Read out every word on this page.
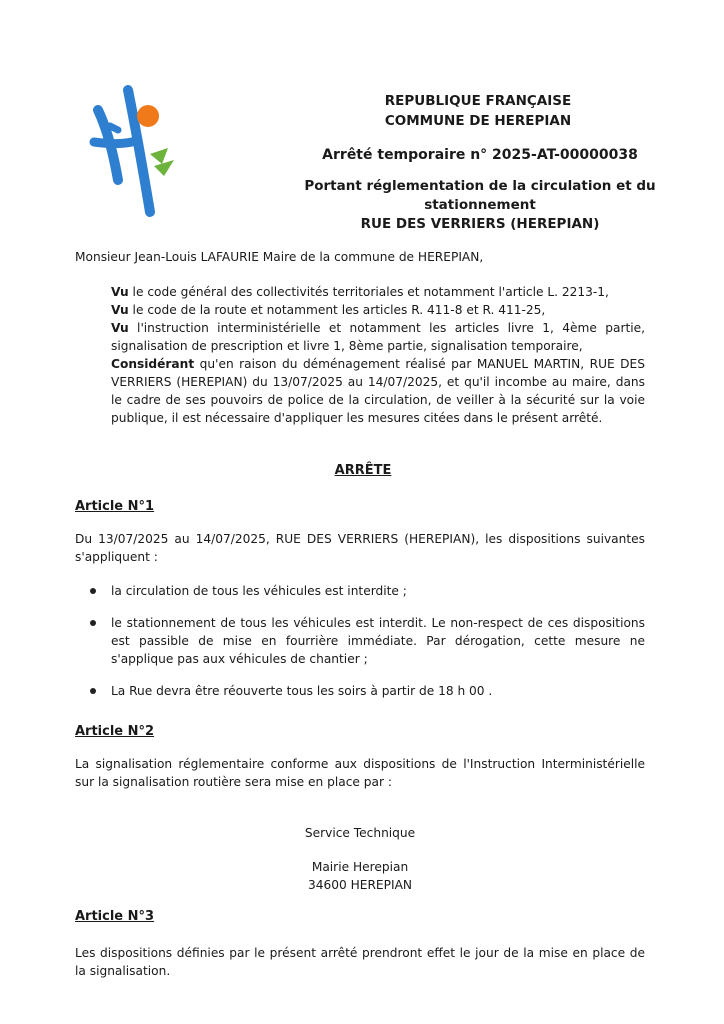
REPUBLIQUE FRANÇAISE
COMMUNE DE HEREPIAN
Arrêté temporaire n° 2025-AT-00000038
Portant réglementation de la circulation et du
stationnement
RUE DES VERRIERS (HEREPIAN)
Monsieur Jean-Louis LAFAURIE Maire de la commune de HEREPIAN,
Vu le code général des collectivités territoriales et notamment l'article L. 2213-1,
Vu le code de la route et notamment les articles R. 411-8 et R. 411-25,
Vu l'instruction interministérielle et notamment les articles livre 1, 4ème partie, signalisation de prescription et livre 1, 8ème partie, signalisation temporaire,
Considérant qu'en raison du déménagement réalisé par MANUEL MARTIN, RUE DES VERRIERS (HEREPIAN) du 13/07/2025 au 14/07/2025, et qu'il incombe au maire, dans le cadre de ses pouvoirs de police de la circulation, de veiller à la sécurité sur la voie publique, il est nécessaire d'appliquer les mesures citées dans le présent arrêté.
ARRÊTE
Article N°1
Du 13/07/2025 au 14/07/2025, RUE DES VERRIERS (HEREPIAN), les dispositions suivantes s'appliquent :
la circulation de tous les véhicules est interdite ;
le stationnement de tous les véhicules est interdit. Le non-respect de ces dispositions est passible de mise en fourrière immédiate. Par dérogation, cette mesure ne s'applique pas aux véhicules de chantier ;
La Rue devra être réouverte tous les soirs à partir de 18 h 00 .
Article N°2
La signalisation réglementaire conforme aux dispositions de l'Instruction Interministérielle sur la signalisation routière sera mise en place par :
Service Technique
Mairie Herepian
34600 HEREPIAN
Article N°3
Les dispositions définies par le présent arrêté prendront effet le jour de la mise en place de la signalisation.
